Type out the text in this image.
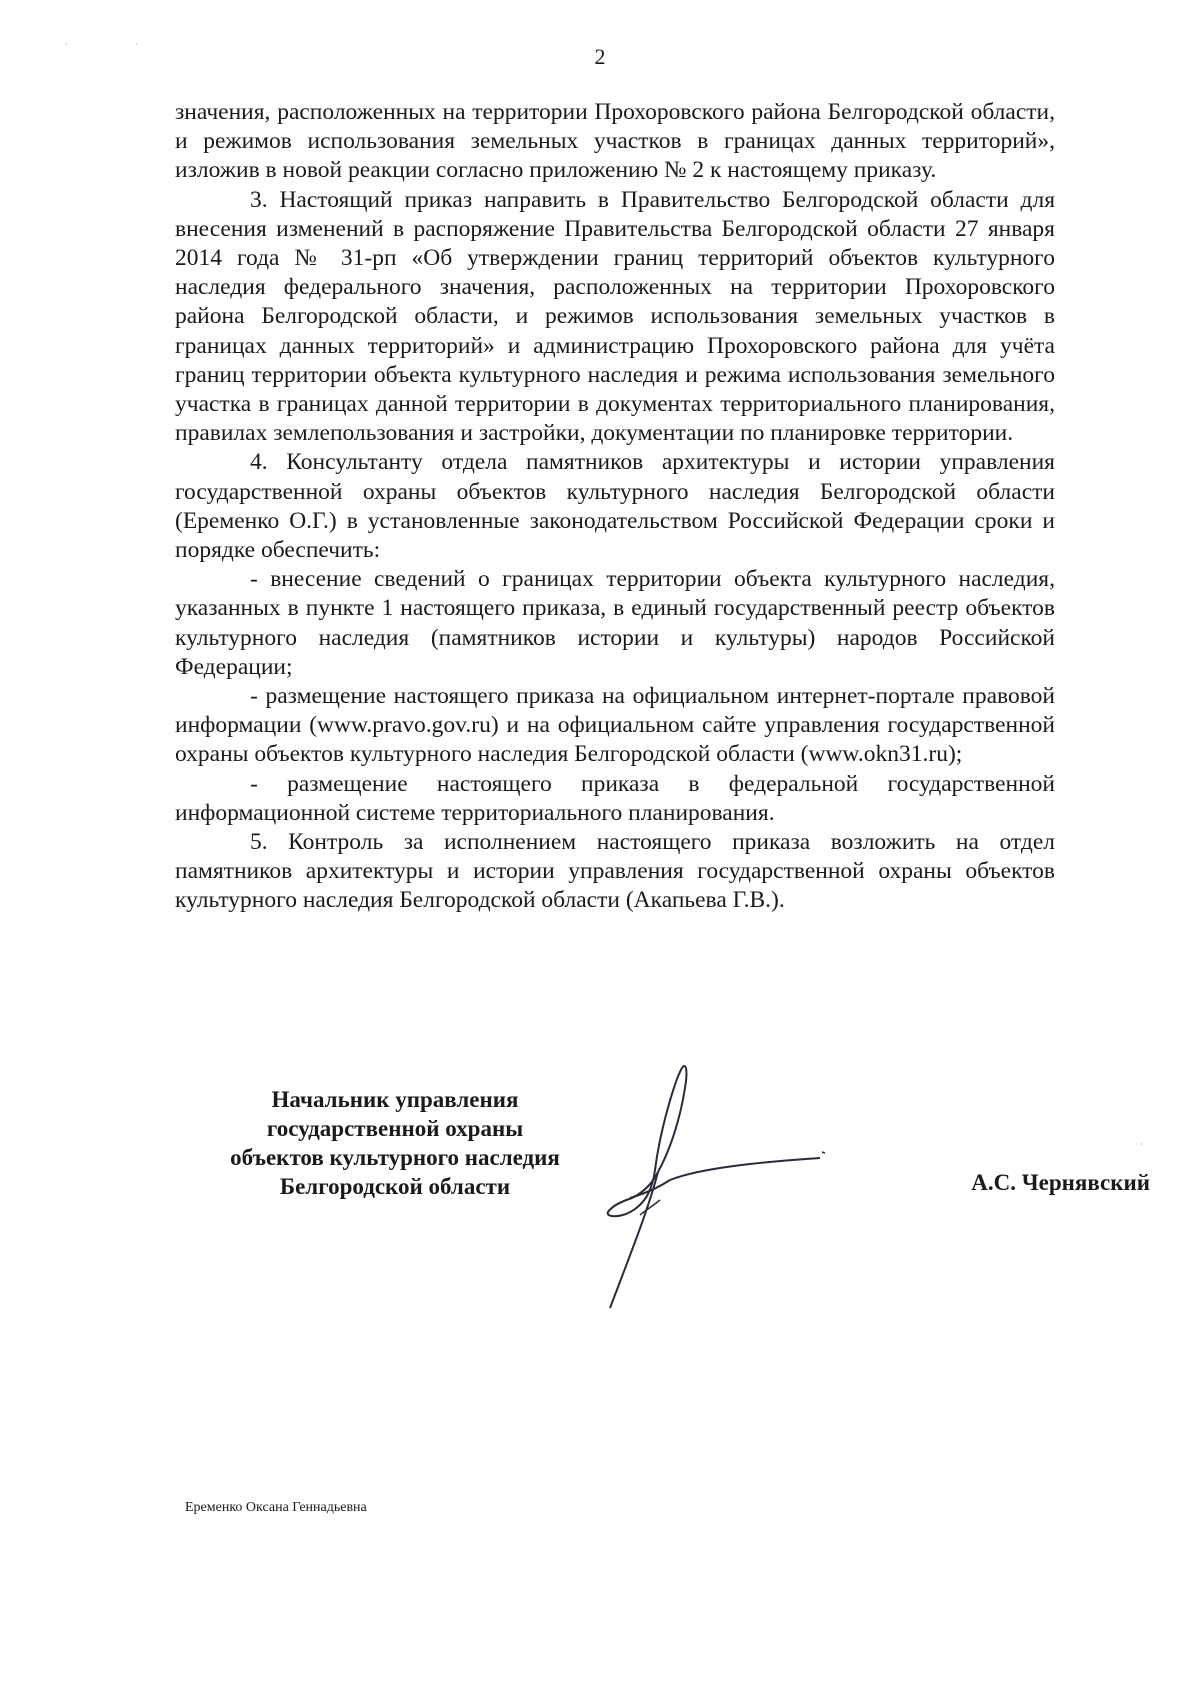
2

значения, расположенных на территории Прохоровского района Белгородской области, и режимов использования земельных участков в границах данных территорий», изложив в новой реакции согласно приложению № 2 к настоящему приказу.

3. Настоящий приказ направить в Правительство Белгородской области для внесения изменений в распоряжение Правительства Белгородской области 27 января 2014 года № 31-рп «Об утверждении границ территорий объектов культурного наследия федерального значения, расположенных на территории Прохоровского района Белгородской области, и режимов использования земельных участков в границах данных территорий» и администрацию Прохоровского района для учёта границ территории объекта культурного наследия и режима использования земельного участка в границах данной территории в документах территориального планирования, правилах землепользования и застройки, документации по планировке территории.

4. Консультанту отдела памятников архитектуры и истории управления государственной охраны объектов культурного наследия Белгородской области (Еременко О.Г.) в установленные законодательством Российской Федерации сроки и порядке обеспечить:

- внесение сведений о границах территории объекта культурного наследия, указанных в пункте 1 настоящего приказа, в единый государственный реестр объектов культурного наследия (памятников истории и культуры) народов Российской Федерации;

- размещение настоящего приказа на официальном интернет-портале правовой информации (www.pravo.gov.ru) и на официальном сайте управления государственной охраны объектов культурного наследия Белгородской области (www.okn31.ru);

- размещение настоящего приказа в федеральной государственной информационной системе территориального планирования.

5. Контроль за исполнением настоящего приказа возложить на отдел памятников архитектуры и истории управления государственной охраны объектов культурного наследия Белгородской области (Акапьева Г.В.).

Начальник управления
государственной охраны
объектов культурного наследия
Белгородской области	А.С. Чернявский
Еременко Оксана Геннадьевна
·	·
·
